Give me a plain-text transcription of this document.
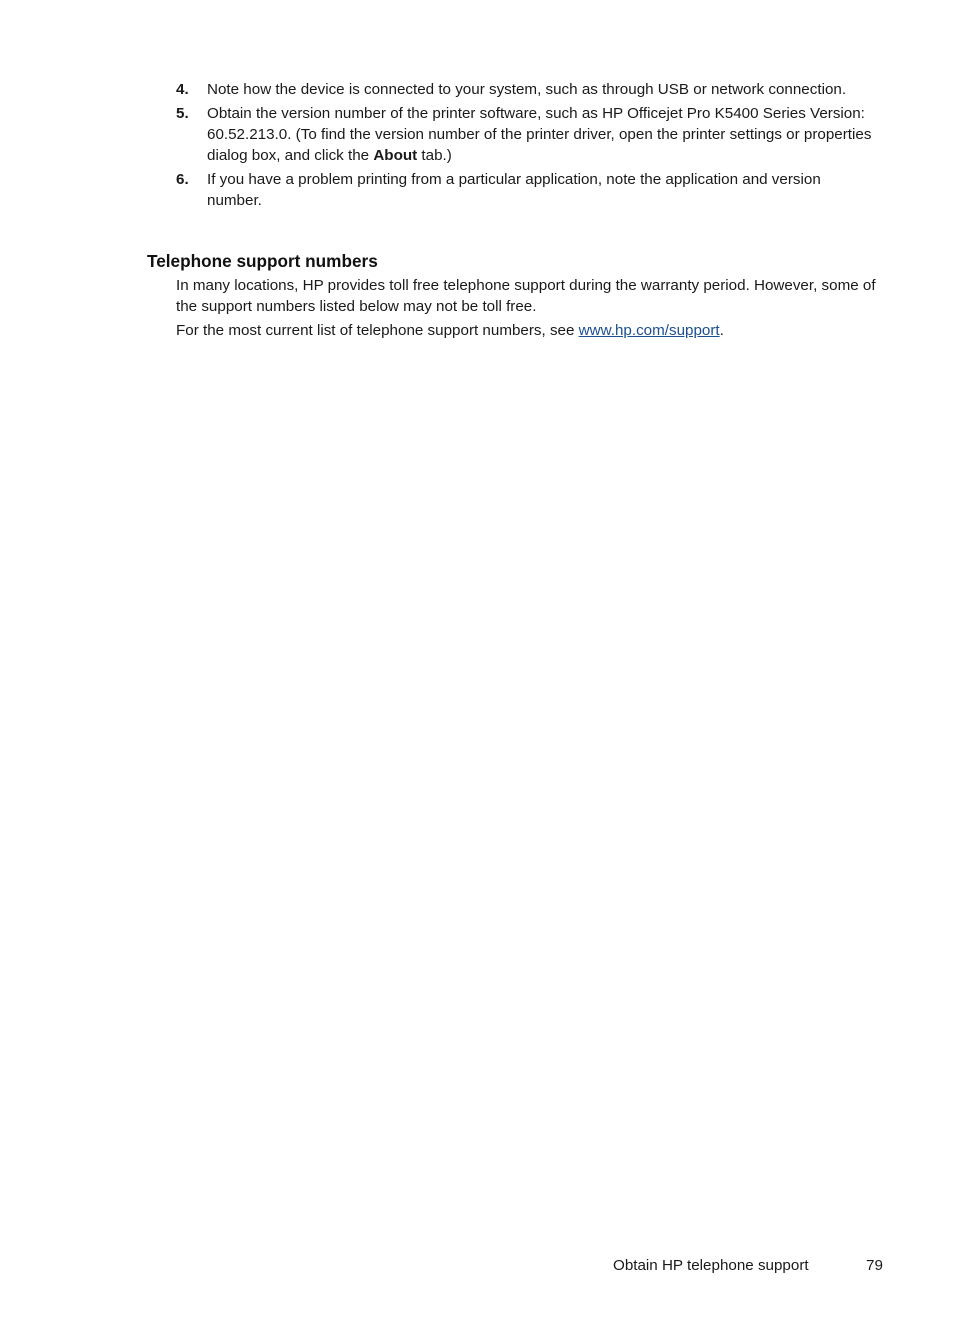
4. Note how the device is connected to your system, such as through USB or network connection.
5. Obtain the version number of the printer software, such as HP Officejet Pro K5400 Series Version: 60.52.213.0. (To find the version number of the printer driver, open the printer settings or properties dialog box, and click the About tab.)
6. If you have a problem printing from a particular application, note the application and version number.
Telephone support numbers

In many locations, HP provides toll free telephone support during the warranty period. However, some of the support numbers listed below may not be toll free.

For the most current list of telephone support numbers, see www.hp.com/support.

Obtain HP telephone support	79
